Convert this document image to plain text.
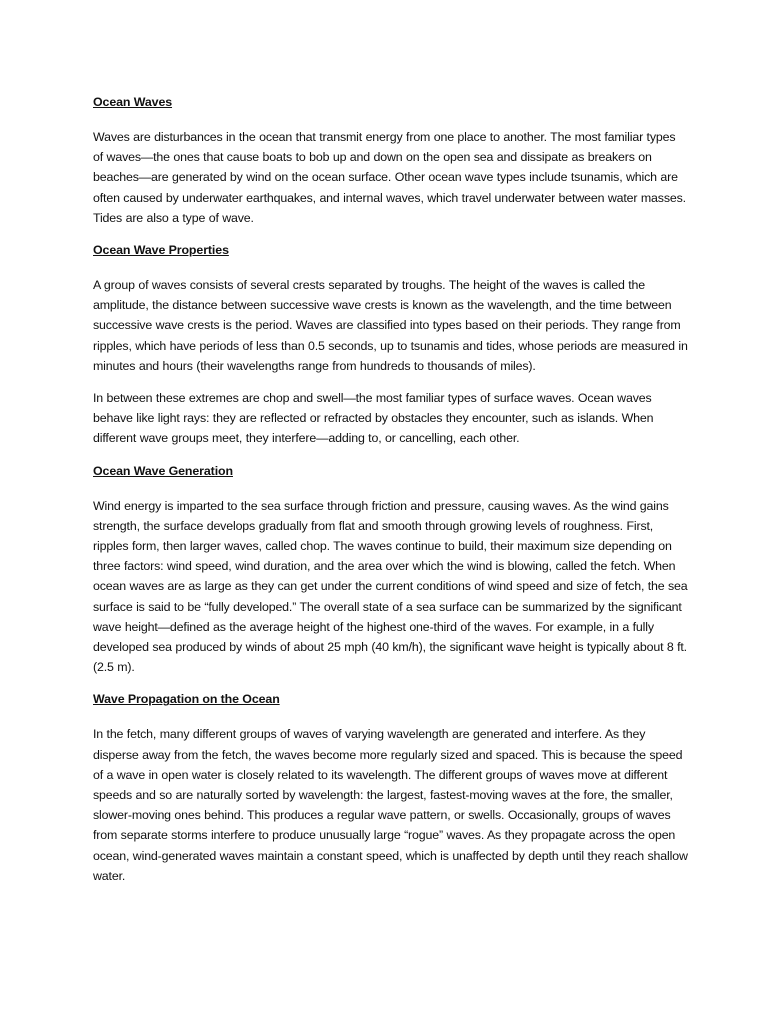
Ocean Waves

Waves are disturbances in the ocean that transmit energy from one place to another. The most familiar types of waves—the ones that cause boats to bob up and down on the open sea and dissipate as breakers on beaches—are generated by wind on the ocean surface. Other ocean wave types include tsunamis, which are often caused by underwater earthquakes, and internal waves, which travel underwater between water masses. Tides are also a type of wave.

Ocean Wave Properties

A group of waves consists of several crests separated by troughs. The height of the waves is called the amplitude, the distance between successive wave crests is known as the wavelength, and the time between successive wave crests is the period. Waves are classified into types based on their periods. They range from ripples, which have periods of less than 0.5 seconds, up to tsunamis and tides, whose periods are measured in minutes and hours (their wavelengths range from hundreds to thousands of miles).

In between these extremes are chop and swell—the most familiar types of surface waves. Ocean waves behave like light rays: they are reflected or refracted by obstacles they encounter, such as islands. When different wave groups meet, they interfere—adding to, or cancelling, each other.

Ocean Wave Generation

Wind energy is imparted to the sea surface through friction and pressure, causing waves. As the wind gains strength, the surface develops gradually from flat and smooth through growing levels of roughness. First, ripples form, then larger waves, called chop. The waves continue to build, their maximum size depending on three factors: wind speed, wind duration, and the area over which the wind is blowing, called the fetch. When ocean waves are as large as they can get under the current conditions of wind speed and size of fetch, the sea surface is said to be “fully developed.” The overall state of a sea surface can be summarized by the significant wave height—defined as the average height of the highest one-third of the waves. For example, in a fully developed sea produced by winds of about 25 mph (40 km/h), the significant wave height is typically about 8 ft. (2.5 m).

Wave Propagation on the Ocean

In the fetch, many different groups of waves of varying wavelength are generated and interfere. As they disperse away from the fetch, the waves become more regularly sized and spaced. This is because the speed of a wave in open water is closely related to its wavelength. The different groups of waves move at different speeds and so are naturally sorted by wavelength: the largest, fastest-moving waves at the fore, the smaller, slower-moving ones behind. This produces a regular wave pattern, or swells. Occasionally, groups of waves from separate storms interfere to produce unusually large “rogue” waves. As they propagate across the open ocean, wind-generated waves maintain a constant speed, which is unaffected by depth until they reach shallow water.
